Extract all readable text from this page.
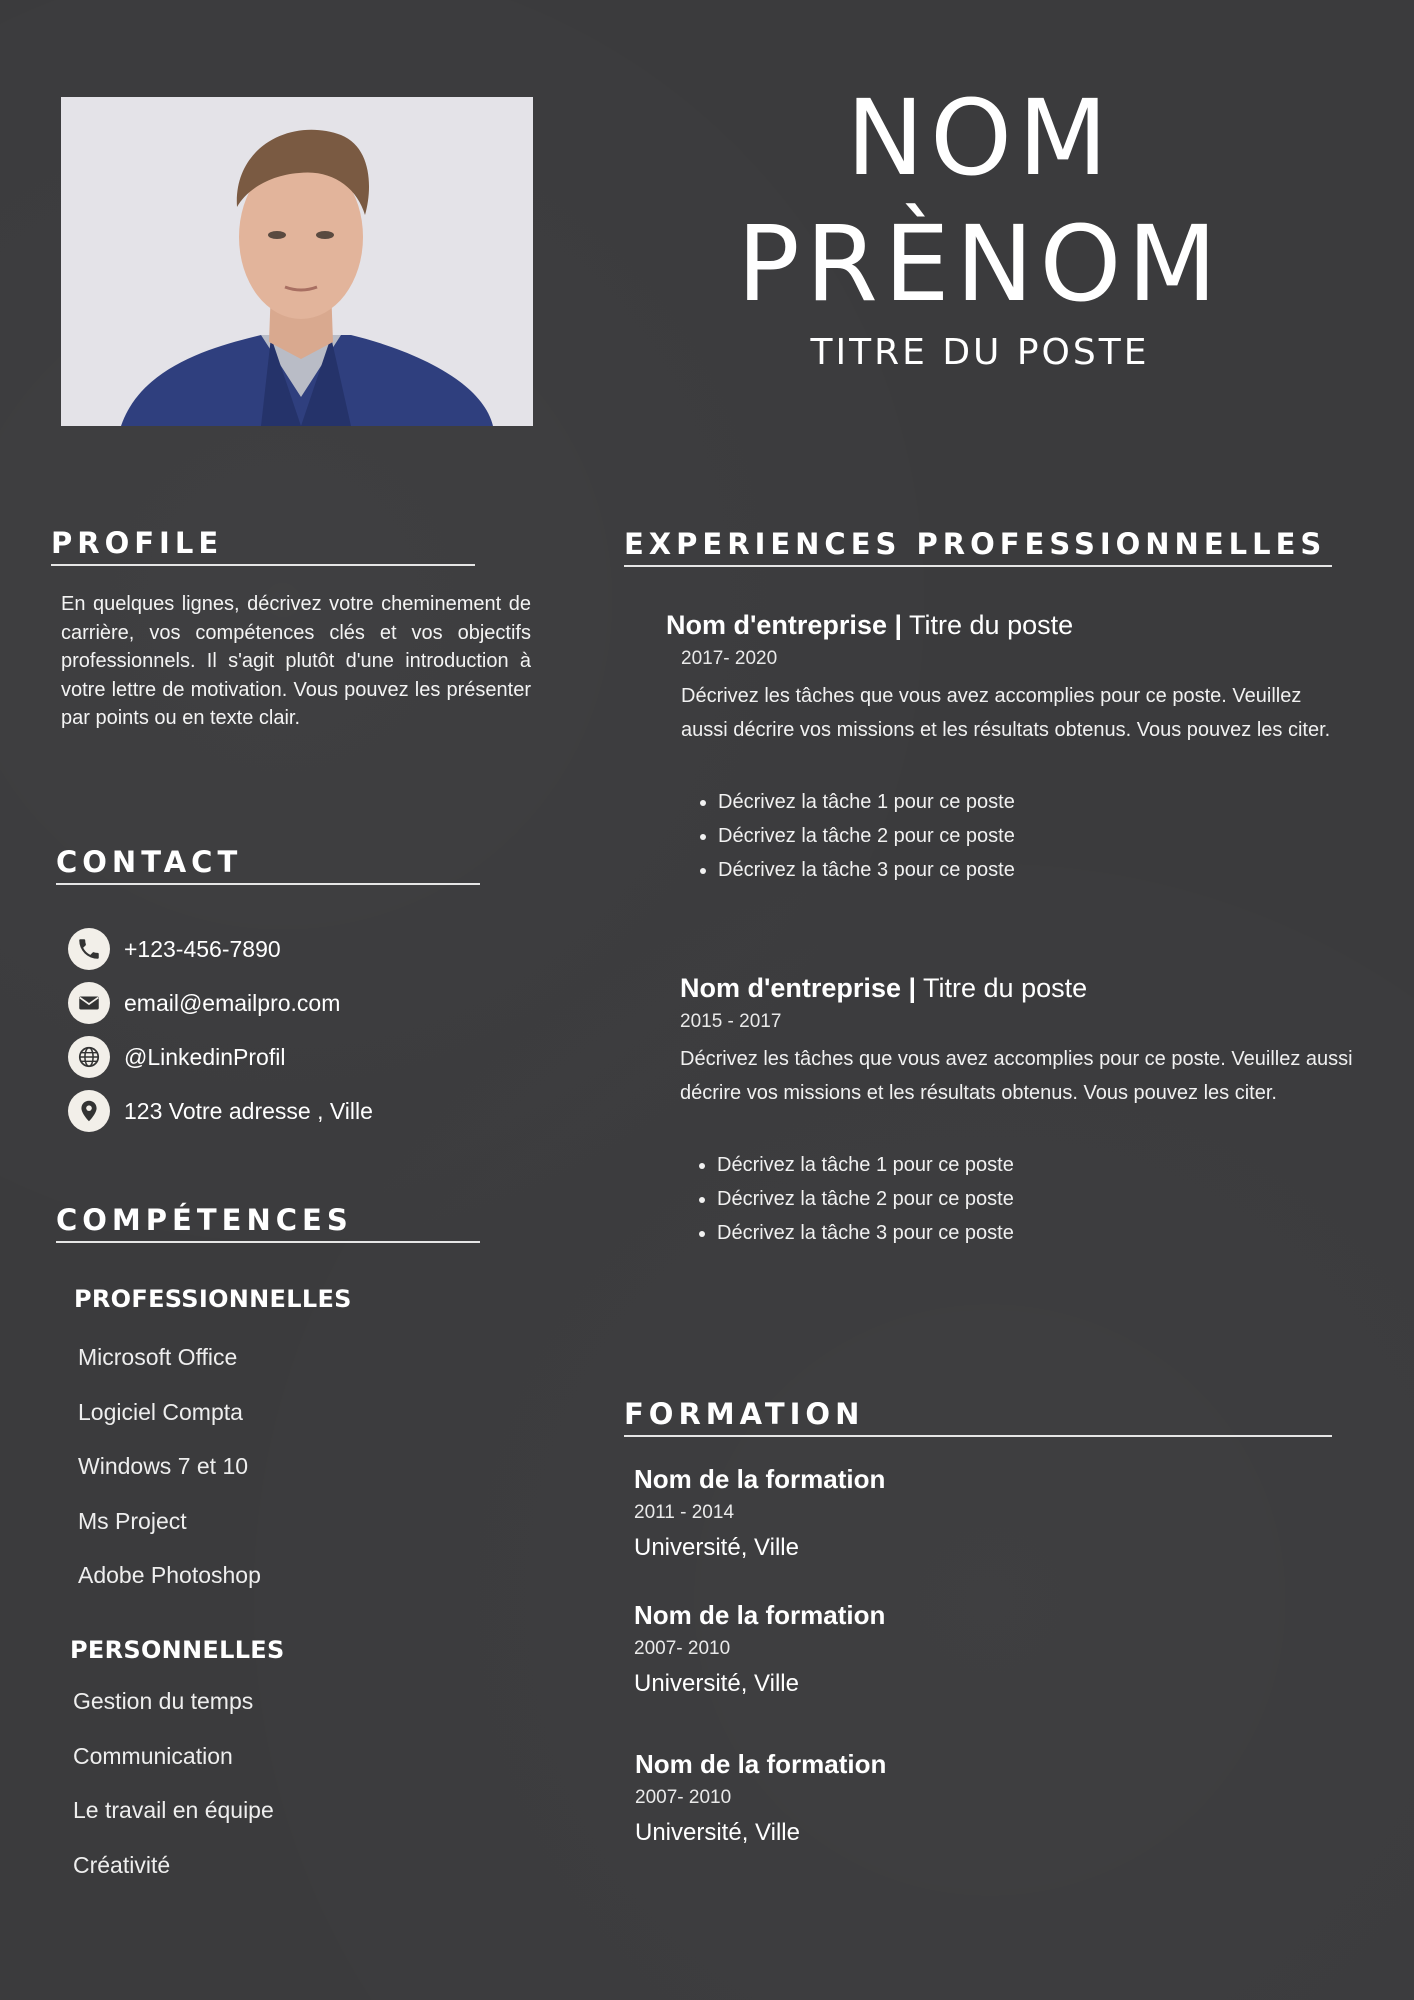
NOM
PRÈNOM
TITRE DU POSTE
PROFILE

En quelques lignes, décrivez votre cheminement de carrière, vos compétences clés et vos objectifs professionnels. Il s'agit plutôt d'une introduction à votre lettre de motivation. Vous pouvez les présenter par points ou en texte clair.

CONTACT
+123-456-7890
email@emailpro.com
@LinkedinProfil
123 Votre adresse , Ville
COMPÉTENCES
PROFESSIONNELLES
Microsoft Office
Logiciel Compta
Windows 7 et 10
Ms Project
Adobe Photoshop
PERSONNELLES
Gestion du temps
Communication
Le travail en équipe
Créativité
EXPERIENCES PROFESSIONNELLES

Nom d'entreprise | Titre du poste

2017- 2020

Décrivez les tâches que vous avez accomplies pour ce poste. Veuillez aussi décrire vos missions et les résultats obtenus. Vous pouvez les citer.

• Décrivez la tâche 1 pour ce poste
• Décrivez la tâche 2 pour ce poste
• Décrivez la tâche 3 pour ce poste

Nom d'entreprise | Titre du poste

2015 - 2017

Décrivez les tâches que vous avez accomplies pour ce poste. Veuillez aussi décrire vos missions et les résultats obtenus. Vous pouvez les citer.

• Décrivez la tâche 1 pour ce poste
• Décrivez la tâche 2 pour ce poste
• Décrivez la tâche 3 pour ce poste
FORMATION

Nom de la formation

2011 - 2014

Université, Ville

Nom de la formation

2007- 2010

Université, Ville

Nom de la formation

2007- 2010

Université, Ville
